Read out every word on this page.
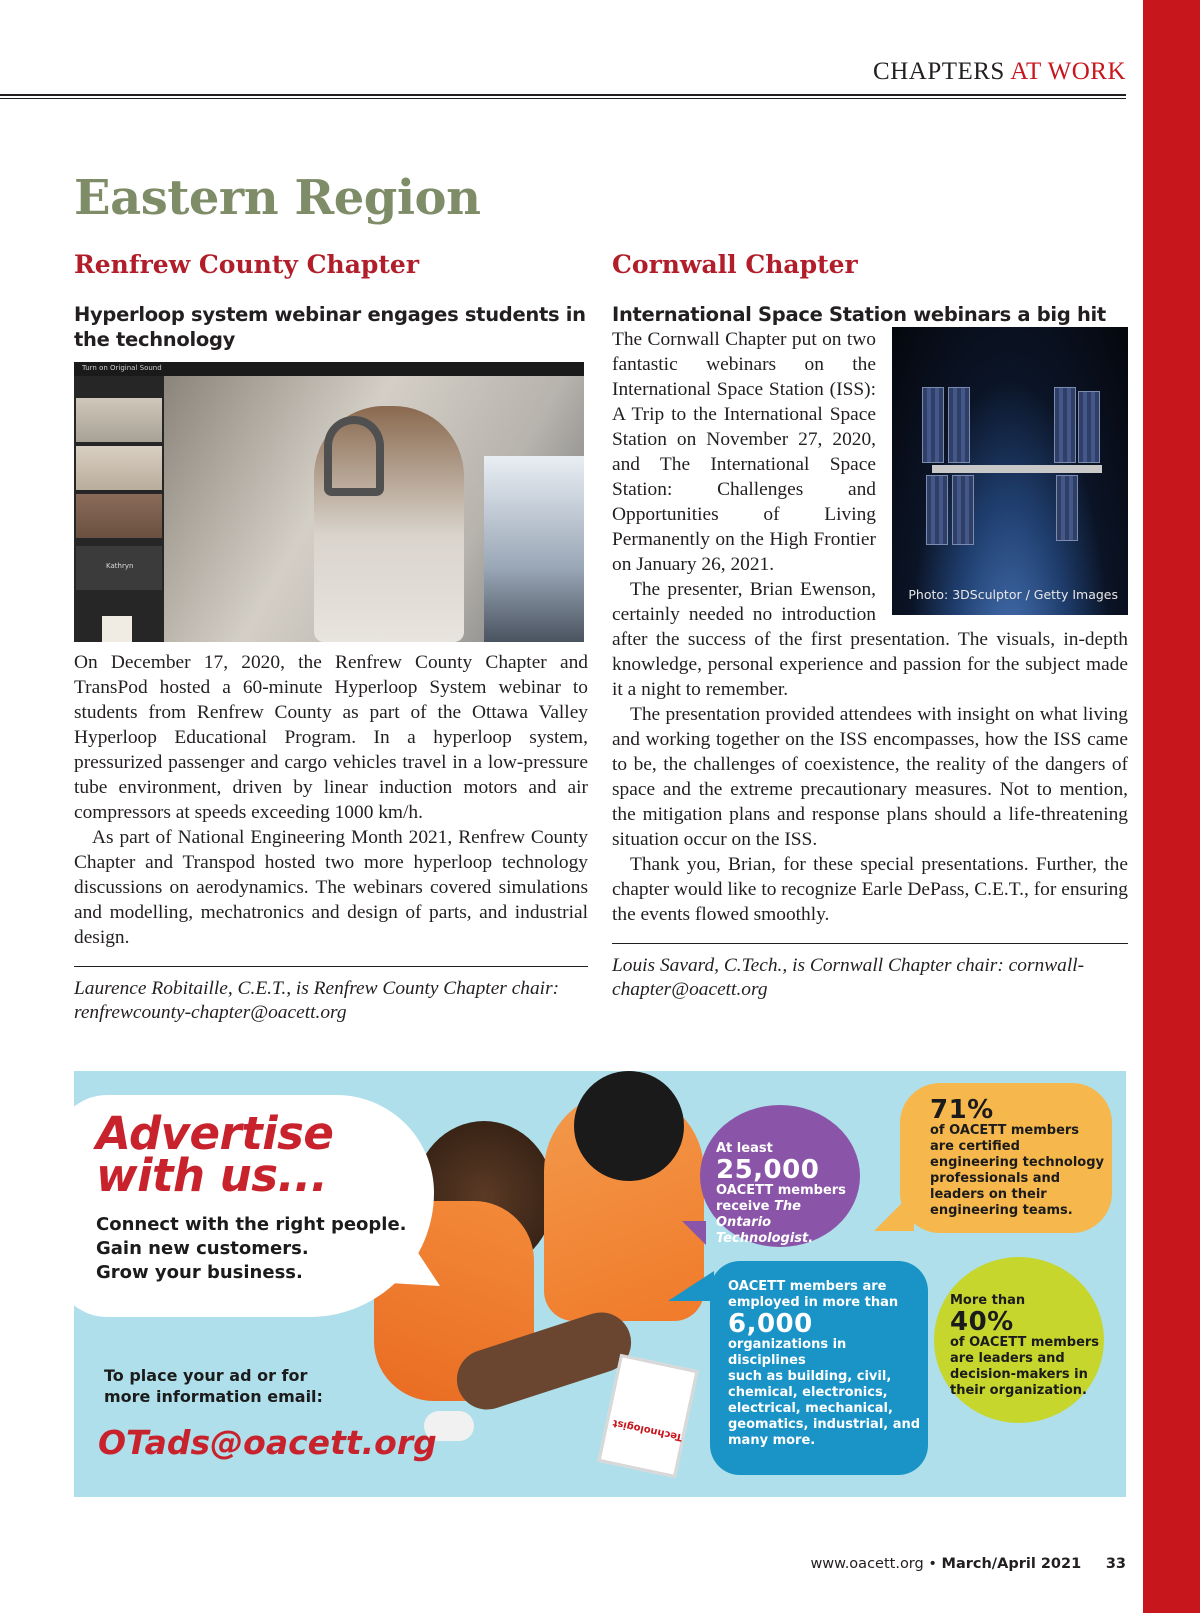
CHAPTERS AT WORK
Eastern Region
Renfrew County Chapter
Hyperloop system webinar engages students in the technology
Turn on Original Sound
Kathryn

On December 17, 2020, the Renfrew County Chapter and TransPod hosted a 60-minute Hyperloop System webinar to students from Renfrew County as part of the Ottawa Valley Hyperloop Educational Program. In a hyperloop system, pressurized passenger and cargo vehicles travel in a low-pressure tube environment, driven by linear induction motors and air compressors at speeds exceeding 1000 km/h.

As part of National Engineering Month 2021, Renfrew County Chapter and Transpod hosted two more hyperloop technology discussions on aerodynamics. The webinars covered simulations and modelling, mechatronics and design of parts, and industrial design.

Laurence Robitaille, C.E.T., is Renfrew County Chapter chair: renfrewcounty-chapter@oacett.org

Cornwall Chapter
International Space Station webinars a big hit
Photo: 3DSculptor / Getty Images

The Cornwall Chapter put on two fantastic webinars on the International Space Station (ISS): A Trip to the International Space Station on November 27, 2020, and The International Space Station: Challenges and Opportunities of Living Permanently on the High Frontier on January 26, 2021.

The presenter, Brian Ewenson, certainly needed no introduction after the success of the first presentation. The visuals, in-depth knowledge, personal experience and passion for the subject made it a night to remember.

The presentation provided attendees with insight on what living and working together on the ISS encompasses, how the ISS came to be, the challenges of coexistence, the reality of the dangers of space and the extreme precautionary measures. Not to mention, the mitigation plans and response plans should a life-threatening situation occur on the ISS.

Thank you, Brian, for these special presentations. Further, the chapter would like to recognize Earle DePass, C.E.T., for ensuring the events flowed smoothly.

Louis Savard, C.Tech., is Cornwall Chapter chair: cornwall-chapter@oacett.org

Technologist
Advertise
with us...
Connect with the right people.
Gain new customers.
Grow your business.
To place your ad or for
more information email:
OTads@oacett.org
At least
25,000
OACETT members
receive The Ontario
Technologist.
71%
of OACETT members
are certified
engineering technology
professionals and
leaders on their
engineering teams.
OACETT members are
employed in more than
6,000
organizations in disciplines
such as building, civil,
chemical, electronics,
electrical, mechanical,
geomatics, industrial, and
many more.
More than
40%
of OACETT members
are leaders and
decision-makers in
their organization.
www.oacett.org • March/April 2021 33
